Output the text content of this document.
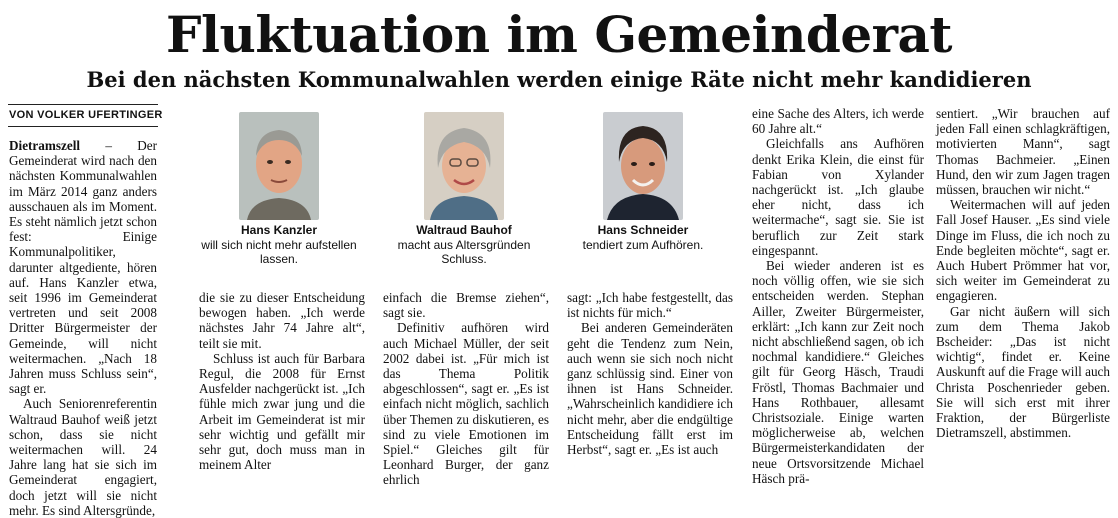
Fluktuation im Gemeinderat
Bei den nächsten Kommunalwahlen werden einige Räte nicht mehr kandidieren
VON VOLKER UFERTINGER

Dietramszell – Der Gemeinderat wird nach den nächsten Kommunalwahlen im März 2014 ganz anders ausschauen als im Moment. Es steht nämlich jetzt schon fest: Einige Kommunalpolitiker, darunter altgediente, hören auf. Hans Kanzler etwa, seit 1996 im Gemeinderat vertreten und seit 2008 Dritter Bürgermeister der Gemeinde, will nicht weitermachen. „Nach 18 Jahren muss Schluss sein“, sagt er.

Auch Seniorenreferentin Waltraud Bauhof weiß jetzt schon, dass sie nicht weitermachen will. 24 Jahre lang hat sie sich im Gemeinderat engagiert, doch jetzt will sie nicht mehr. Es sind Altersgründe,

Hans Kanzler
will sich nicht mehr aufstellen lassen.
Waltraud Bauhof
macht aus Altersgründen Schluss.
Hans Schneider
tendiert zum Aufhören.

die sie zu dieser Entscheidung bewogen haben. „Ich werde nächstes Jahr 74 Jahre alt“, teilt sie mit.

Schluss ist auch für Barbara Regul, die 2008 für Ernst Ausfelder nachgerückt ist. „Ich fühle mich zwar jung und die Arbeit im Gemeinderat ist mir sehr wichtig und gefällt mir sehr gut, doch muss man in meinem Alter

einfach die Bremse ziehen“, sagt sie.

Definitiv aufhören wird auch Michael Müller, der seit 2002 dabei ist. „Für mich ist das Thema Politik abgeschlossen“, sagt er. „Es ist einfach nicht möglich, sachlich über Themen zu diskutieren, es sind zu viele Emotionen im Spiel.“ Gleiches gilt für Leonhard Burger, der ganz ehrlich

sagt: „Ich habe festgestellt, das ist nichts für mich.“

Bei anderen Gemeinderäten geht die Tendenz zum Nein, auch wenn sie sich noch nicht ganz schlüssig sind. Einer von ihnen ist Hans Schneider. „Wahrscheinlich kandidiere ich nicht mehr, aber die endgültige Entscheidung fällt erst im Herbst“, sagt er. „Es ist auch

eine Sache des Alters, ich werde 60 Jahre alt.“

Gleichfalls ans Aufhören denkt Erika Klein, die einst für Fabian von Xylander nachgerückt ist. „Ich glaube eher nicht, dass ich weitermache“, sagt sie. Sie ist beruflich zur Zeit stark eingespannt.

Bei wieder anderen ist es noch völlig offen, wie sie sich entscheiden werden. Stephan Ailler, Zweiter Bürgermeister, erklärt: „Ich kann zur Zeit noch nicht abschließend sagen, ob ich nochmal kandidiere.“ Gleiches gilt für Georg Häsch, Traudi Fröstl, Thomas Bachmaier und Hans Rothbauer, allesamt Christsoziale. Einige warten möglicherweise ab, welchen Bürgermeisterkandidaten der neue Ortsvorsitzende Michael Häsch prä-

sentiert. „Wir brauchen auf jeden Fall einen schlagkräftigen, motivierten Mann“, sagt Thomas Bachmeier. „Einen Hund, den wir zum Jagen tragen müssen, brauchen wir nicht.“

Weitermachen will auf jeden Fall Josef Hauser. „Es sind viele Dinge im Fluss, die ich noch zu Ende begleiten möchte“, sagt er. Auch Hubert Prömmer hat vor, sich weiter im Gemeinderat zu engagieren.

Gar nicht äußern will sich zum dem Thema Jakob Bscheider: „Das ist nicht wichtig“, findet er. Keine Auskunft auf die Frage will auch Christa Poschenrieder geben. Sie will sich erst mit ihrer Fraktion, der Bürgerliste Dietramszell, abstimmen.
